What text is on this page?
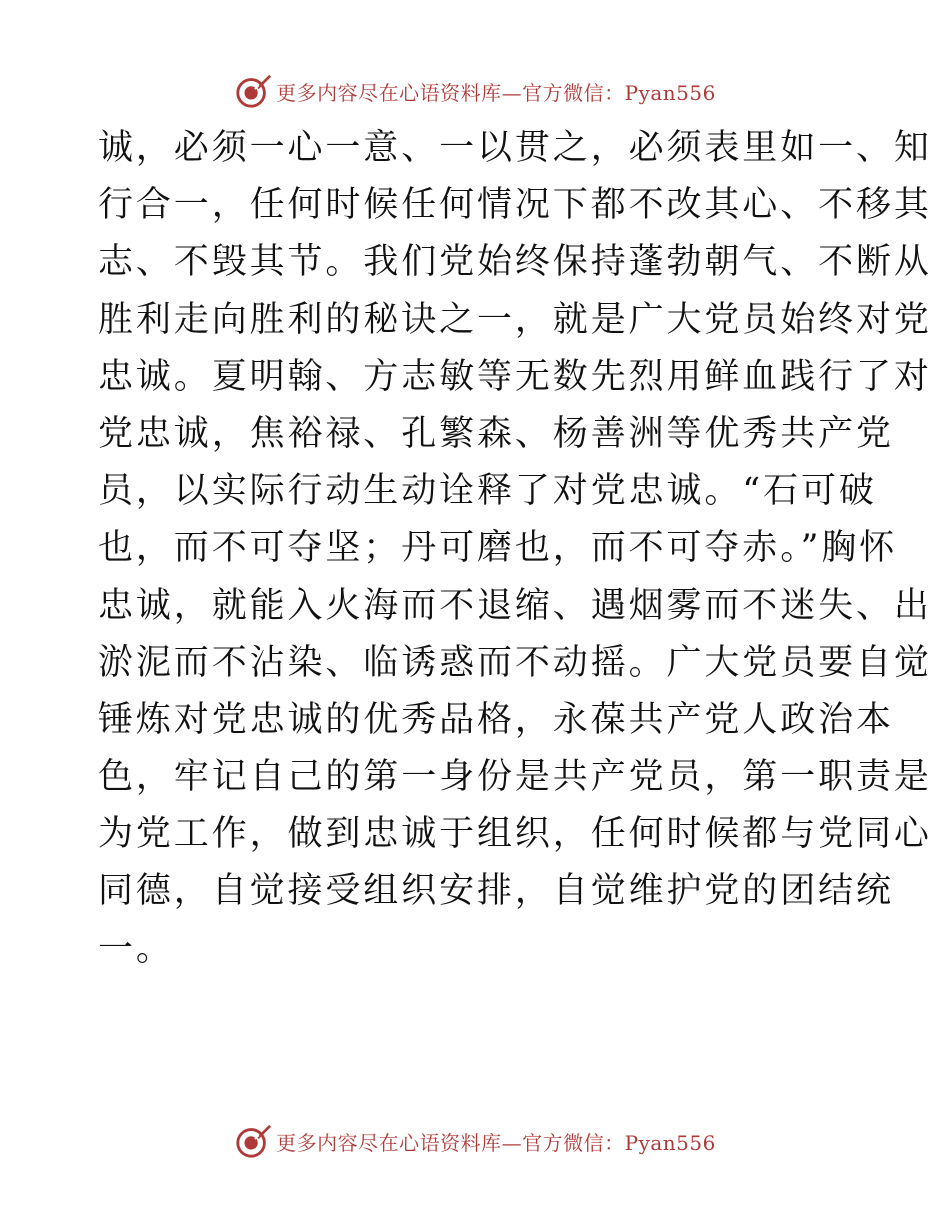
更多内容尽在心语资料库—官方微信：Pyan556
诚，必须一心一意、一以贯之，必须表里如一、知
行合一，任何时候任何情况下都不改其心、不移其
志、不毁其节。我们党始终保持蓬勃朝气、不断从
胜利走向胜利的秘诀之一，就是广大党员始终对党
忠诚。夏明翰、方志敏等无数先烈用鲜血践行了对
党忠诚，焦裕禄、孔繁森、杨善洲等优秀共产党
员，以实际行动生动诠释了对党忠诚。“石可破
也，而不可夺坚；丹可磨也，而不可夺赤。”胸怀
忠诚，就能入火海而不退缩、遇烟雾而不迷失、出
淤泥而不沾染、临诱惑而不动摇。广大党员要自觉
锤炼对党忠诚的优秀品格，永葆共产党人政治本
色，牢记自己的第一身份是共产党员，第一职责是
为党工作，做到忠诚于组织，任何时候都与党同心
同德，自觉接受组织安排，自觉维护党的团结统
一。
更多内容尽在心语资料库—官方微信：Pyan556
